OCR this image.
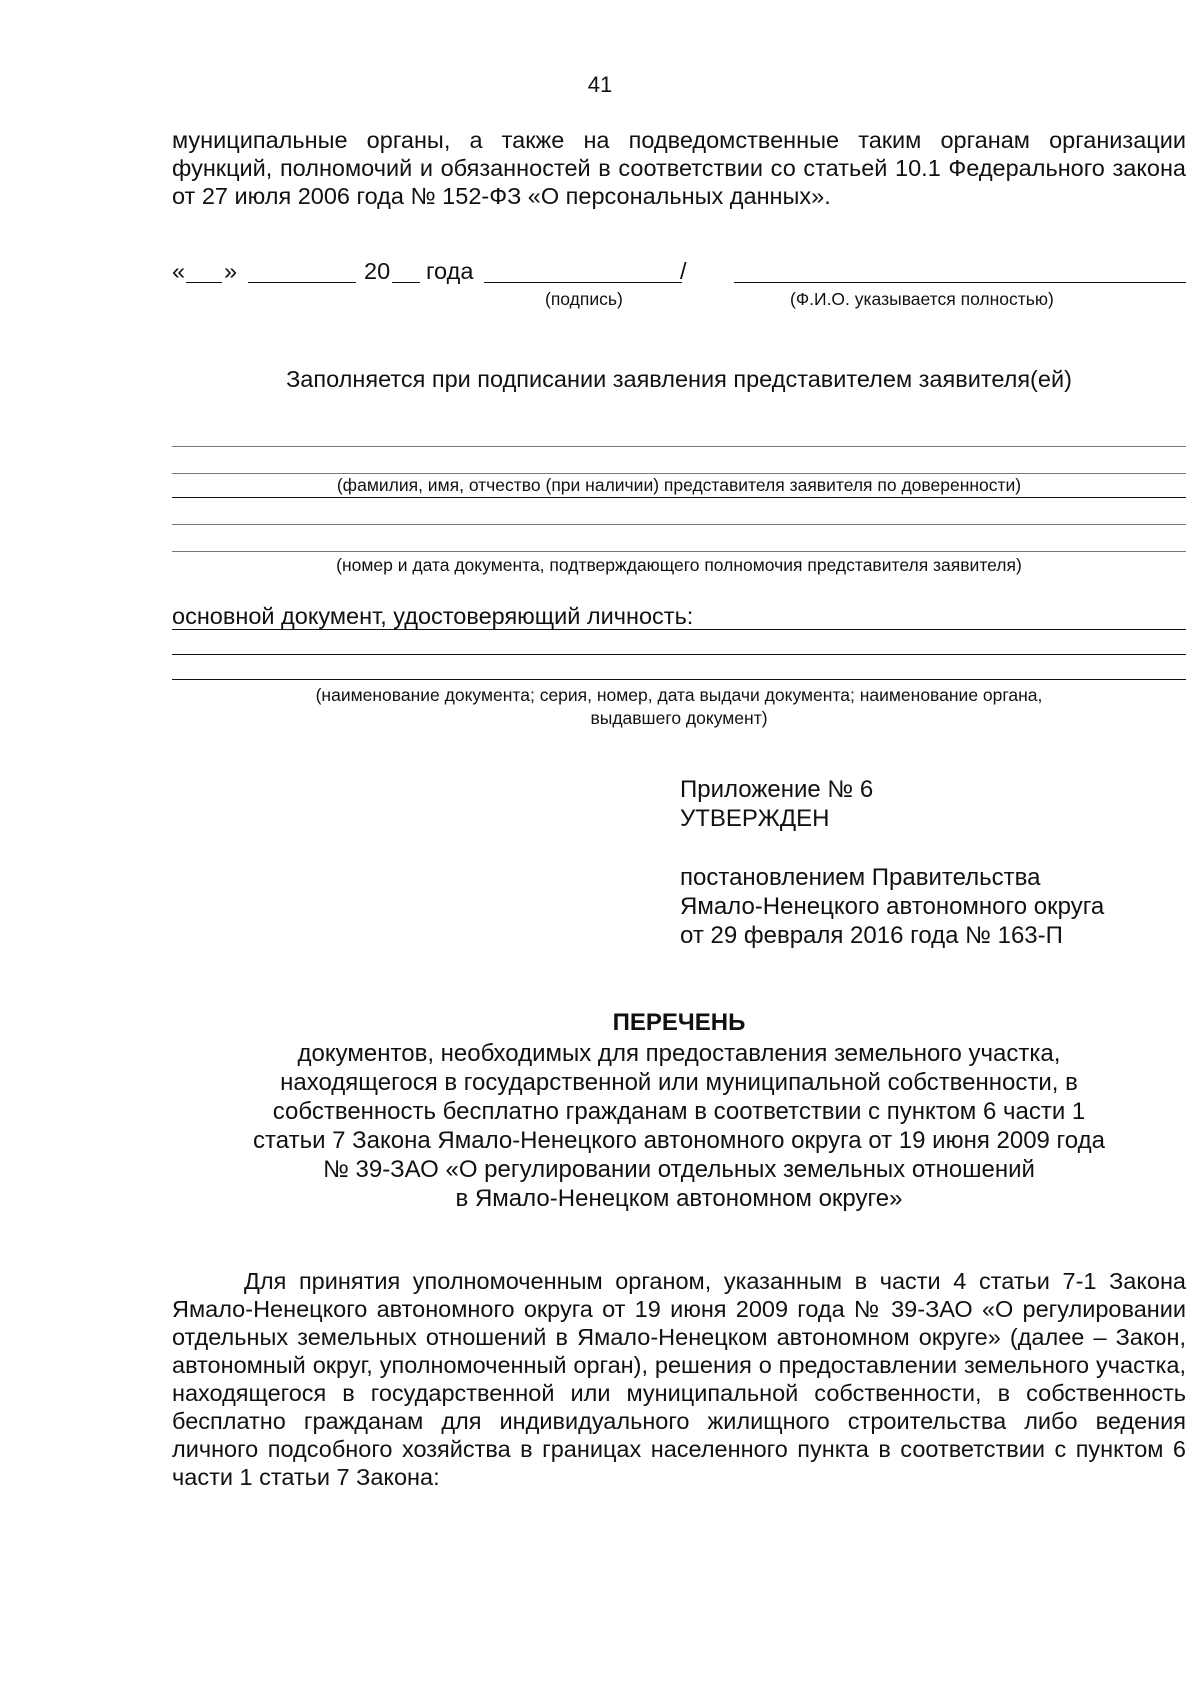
41
муниципальные органы, а также на подведомственные таким органам организации функций, полномочий и обязанностей в соответствии со статьей 10.1 Федерального закона от 27 июля 2006 года № 152-ФЗ «О персональных данных».
« »	20 года	/
(подпись)	(Ф.И.О. указывается полностью)
Заполняется при подписании заявления представителем заявителя(ей)
(фамилия, имя, отчество (при наличии) представителя заявителя по доверенности)
(номер и дата документа, подтверждающего полномочия представителя заявителя)
основной документ, удостоверяющий личность:
(наименование документа; серия, номер, дата выдачи документа; наименование органа,
выдавшего документ)
Приложение № 6
УТВЕРЖДЕН
постановлением Правительства
Ямало-Ненецкого автономного округа
от 29 февраля 2016 года № 163-П
ПЕРЕЧЕНЬ
документов, необходимых для предоставления земельного участка,
находящегося в государственной или муниципальной собственности, в
собственность бесплатно гражданам в соответствии с пунктом 6 части 1
статьи 7 Закона Ямало-Ненецкого автономного округа от 19 июня 2009 года
№ 39-ЗАО «О регулировании отдельных земельных отношений
в Ямало-Ненецком автономном округе»
Для принятия уполномоченным органом, указанным в части 4 статьи 7-1 Закона Ямало-Ненецкого автономного округа от 19 июня 2009 года № 39-ЗАО «О регулировании отдельных земельных отношений в Ямало-Ненецком автономном округе» (далее – Закон, автономный округ, уполномоченный орган), решения о предоставлении земельного участка, находящегося в государственной или муниципальной собственности, в собственность бесплатно гражданам для индивидуального жилищного строительства либо ведения личного подсобного хозяйства в границах населенного пункта в соответствии с пунктом 6 части 1 статьи 7 Закона:
